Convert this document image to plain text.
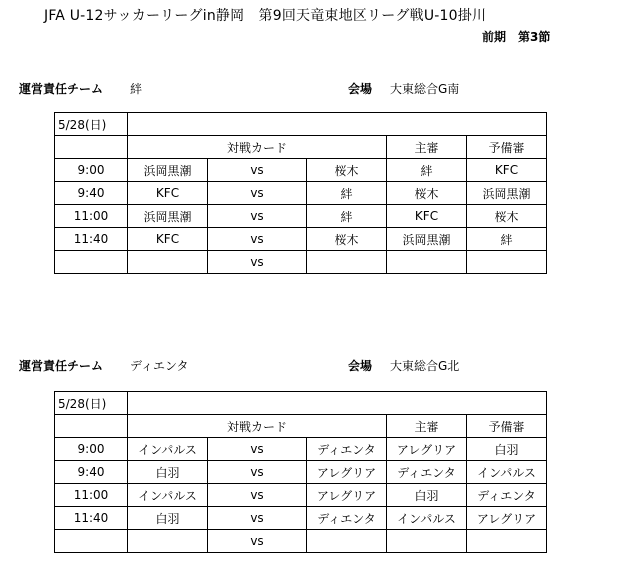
JFA U-12サッカーリーグin静岡　第9回天竜東地区リーグ戦U-10掛川
前期　第3節
運営責任チーム 絆	会場 大東総合G南
5/28(日)					
	対戦カード			主審	予備審
9:00	浜岡黒潮	vs	桜木	絆	KFC
9:40	KFC	vs	絆	桜木	浜岡黒潮
11:00	浜岡黒潮	vs	絆	KFC	桜木
11:40	KFC	vs	桜木	浜岡黒潮	絆
		vs			
運営責任チーム ディエンタ	会場 大東総合G北
5/28(日)					
	対戦カード			主審	予備審
9:00	インパルス	vs	ディエンタ	アレグリア	白羽
9:40	白羽	vs	アレグリア	ディエンタ	インパルス
11:00	インパルス	vs	アレグリア	白羽	ディエンタ
11:40	白羽	vs	ディエンタ	インパルス	アレグリア
		vs			
